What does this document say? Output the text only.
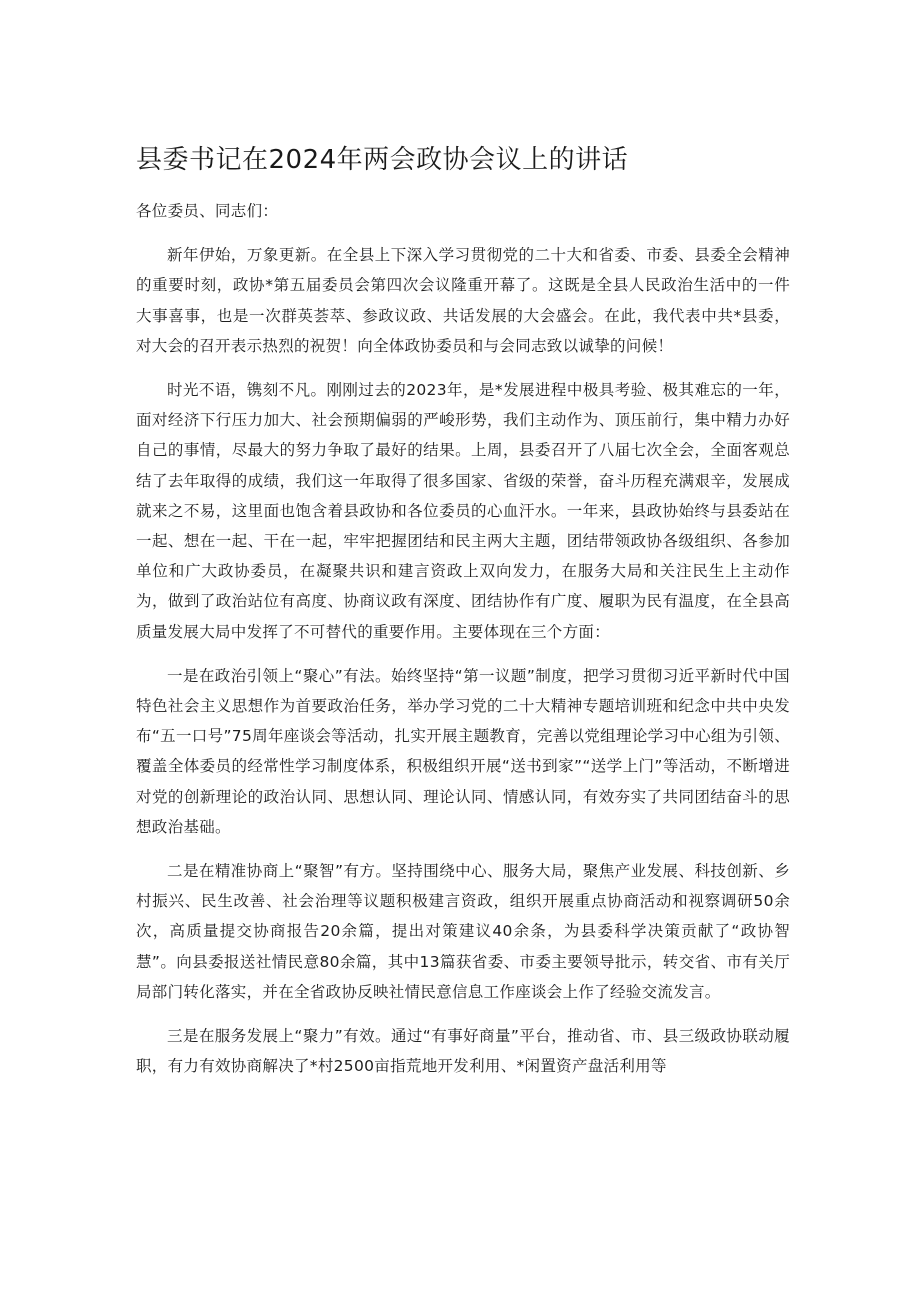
县委书记在2024年两会政协会议上的讲话

各位委员、同志们：

新年伊始，万象更新。在全县上下深入学习贯彻党的二十大和省委、市委、县委全会精神的重要时刻，政协*第五届委员会第四次会议隆重开幕了。这既是全县人民政治生活中的一件大事喜事，也是一次群英荟萃、参政议政、共话发展的大会盛会。在此，我代表中共*县委，对大会的召开表示热烈的祝贺！向全体政协委员和与会同志致以诚挚的问候！

时光不语，镌刻不凡。刚刚过去的2023年，是*发展进程中极具考验、极其难忘的一年，面对经济下行压力加大、社会预期偏弱的严峻形势，我们主动作为、顶压前行，集中精力办好自己的事情，尽最大的努力争取了最好的结果。上周，县委召开了八届七次全会，全面客观总结了去年取得的成绩，我们这一年取得了很多国家、省级的荣誉，奋斗历程充满艰辛，发展成就来之不易，这里面也饱含着县政协和各位委员的心血汗水。一年来，县政协始终与县委站在一起、想在一起、干在一起，牢牢把握团结和民主两大主题，团结带领政协各级组织、各参加单位和广大政协委员，在凝聚共识和建言资政上双向发力，在服务大局和关注民生上主动作为，做到了政治站位有高度、协商议政有深度、团结协作有广度、履职为民有温度，在全县高质量发展大局中发挥了不可替代的重要作用。主要体现在三个方面：

一是在政治引领上“聚心”有法。始终坚持“第一议题”制度，把学习贯彻习近平新时代中国特色社会主义思想作为首要政治任务，举办学习党的二十大精神专题培训班和纪念中共中央发布“五一口号”75周年座谈会等活动，扎实开展主题教育，完善以党组理论学习中心组为引领、覆盖全体委员的经常性学习制度体系，积极组织开展“送书到家”“送学上门”等活动，不断增进对党的创新理论的政治认同、思想认同、理论认同、情感认同，有效夯实了共同团结奋斗的思想政治基础。

二是在精准协商上“聚智”有方。坚持围绕中心、服务大局，聚焦产业发展、科技创新、乡村振兴、民生改善、社会治理等议题积极建言资政，组织开展重点协商活动和视察调研50余次，高质量提交协商报告20余篇，提出对策建议40余条，为县委科学决策贡献了“政协智慧”。向县委报送社情民意80余篇，其中13篇获省委、市委主要领导批示，转交省、市有关厅局部门转化落实，并在全省政协反映社情民意信息工作座谈会上作了经验交流发言。

三是在服务发展上“聚力”有效。通过“有事好商量”平台，推动省、市、县三级政协联动履职，有力有效协商解决了*村2500亩指荒地开发利用、*闲置资产盘活利用等
